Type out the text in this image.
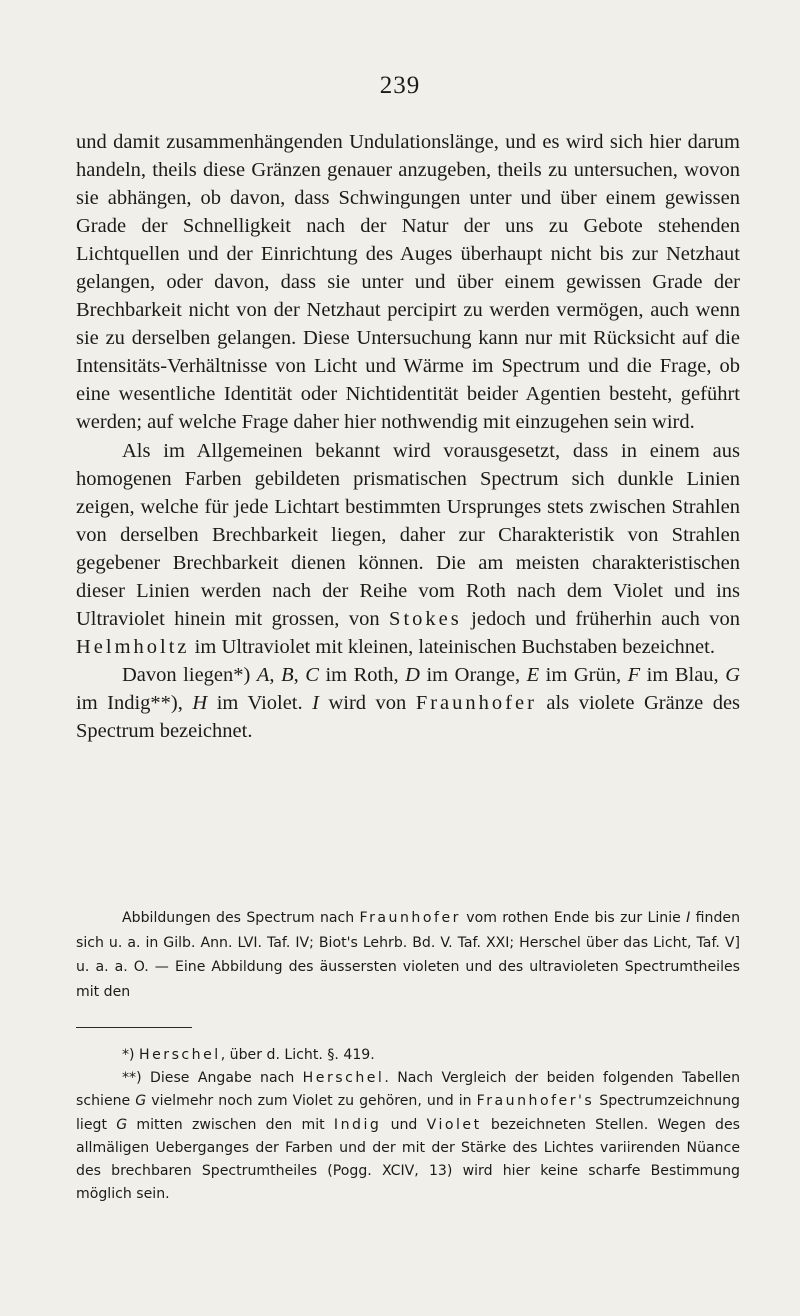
239

und damit zusammenhängenden Undulationslänge, und es wird sich hier darum handeln, theils diese Gränzen genauer anzugeben, theils zu untersuchen, wovon sie abhängen, ob davon, dass Schwingungen unter und über einem gewissen Grade der Schnelligkeit nach der Natur der uns zu Gebote stehenden Lichtquellen und der Einrichtung des Auges überhaupt nicht bis zur Netzhaut gelangen, oder davon, dass sie unter und über einem gewissen Grade der Brechbarkeit nicht von der Netzhaut percipirt zu werden vermögen, auch wenn sie zu derselben gelangen. Diese Untersuchung kann nur mit Rücksicht auf die Intensitäts-Verhältnisse von Licht und Wärme im Spectrum und die Frage, ob eine wesentliche Identität oder Nichtidentität beider Agentien besteht, geführt werden; auf welche Frage daher hier nothwendig mit einzugehen sein wird.

Als im Allgemeinen bekannt wird vorausgesetzt, dass in einem aus homogenen Farben gebildeten prismatischen Spectrum sich dunkle Linien zeigen, welche für jede Lichtart bestimmten Ursprunges stets zwischen Strahlen von derselben Brechbarkeit liegen, daher zur Charakteristik von Strahlen gegebener Brechbarkeit dienen können. Die am meisten charakteristischen dieser Linien werden nach der Reihe vom Roth nach dem Violet und ins Ultraviolet hinein mit grossen, von Stokes jedoch und früherhin auch von Helmholtz im Ultraviolet mit kleinen, lateinischen Buchstaben bezeichnet.

Davon liegen*) A, B, C im Roth, D im Orange, E im Grün, F im Blau, G im Indig**), H im Violet. I wird von Fraunhofer als violete Gränze des Spectrum bezeichnet.

Abbildungen des Spectrum nach Fraunhofer vom rothen Ende bis zur Linie I finden sich u. a. in Gilb. Ann. LVI. Taf. IV; Biot's Lehrb. Bd. V. Taf. XXI; Herschel über das Licht, Taf. V] u. a. a. O. — Eine Abbildung des äussersten violeten und des ultravioleten Spectrumtheiles mit den

*) Herschel, über d. Licht. §. 419.

**) Diese Angabe nach Herschel. Nach Vergleich der beiden folgenden Tabellen schiene G vielmehr noch zum Violet zu gehören, und in Fraunhofer's Spectrumzeichnung liegt G mitten zwischen den mit Indig und Violet bezeichneten Stellen. Wegen des allmäligen Ueberganges der Farben und der mit der Stärke des Lichtes variirenden Nüance des brechbaren Spectrumtheiles (Pogg. XCIV, 13) wird hier keine scharfe Bestimmung möglich sein.
